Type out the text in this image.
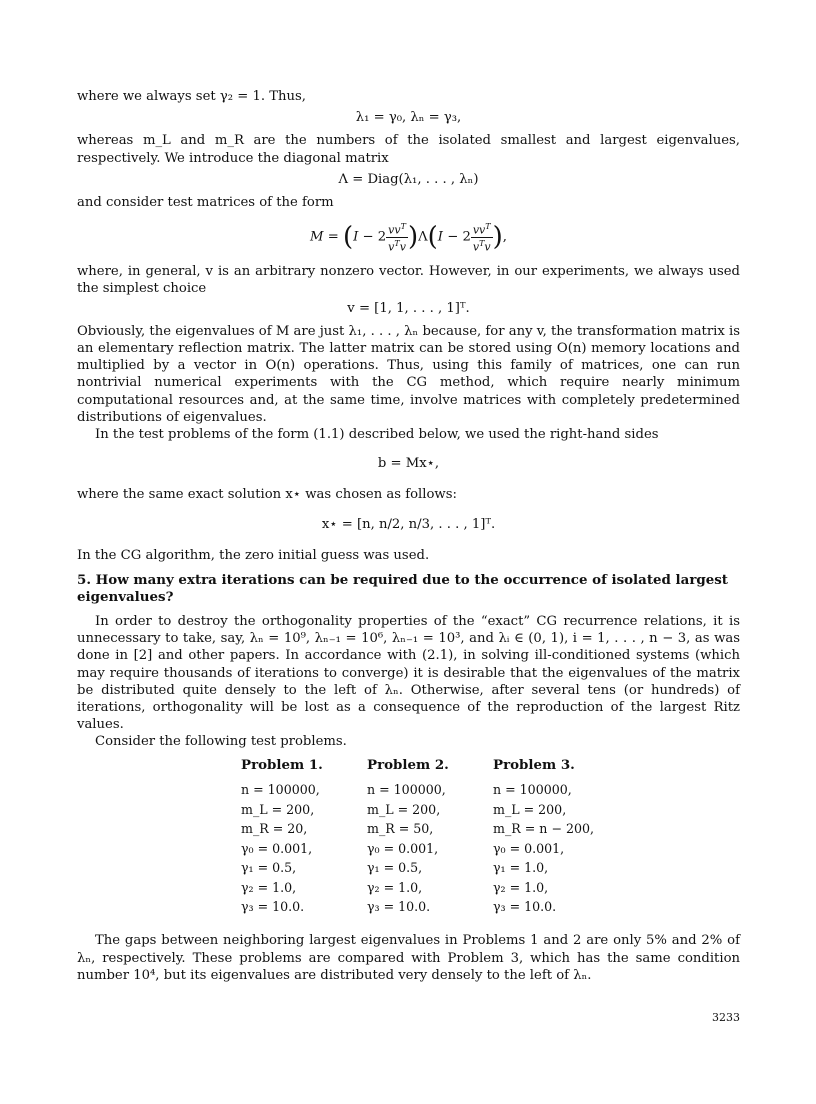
where we always set γ₂ = 1. Thus,

λ₁ = γ₀, λₙ = γ₃,

whereas m_L and m_R are the numbers of the isolated smallest and largest eigenvalues, respectively. We introduce the diagonal matrix

Λ = Diag(λ₁, . . . , λₙ)

and consider test matrices of the form

$M = (I - 2 \frac{vv^T}{v^Tv} )\Lambda(I - 2 \frac{vv^T}{v^Tv}$ ),

where, in general, v is an arbitrary nonzero vector. However, in our experiments, we always used the simplest choice

v = [1, 1, . . . , 1]ᵀ.

Obviously, the eigenvalues of M are just λ₁, . . . , λₙ because, for any v, the transformation matrix is an elementary reflection matrix. The latter matrix can be stored using O(n) memory locations and multiplied by a vector in O(n) operations. Thus, using this family of matrices, one can run nontrivial numerical experiments with the CG method, which require nearly minimum computational resources and, at the same time, involve matrices with completely predetermined distributions of eigenvalues.

In the test problems of the form (1.1) described below, we used the right-hand sides

b = Mx⋆,

where the same exact solution x⋆ was chosen as follows:

x⋆ = [n, n/2, n/3, . . . , 1]ᵀ.

In the CG algorithm, the zero initial guess was used.

5. How many extra iterations can be required due to the occurrence of isolated largest eigenvalues?

In order to destroy the orthogonality properties of the “exact” CG recurrence relations, it is unnecessary to take, say, λₙ = 10⁹, λₙ₋₁ = 10⁶, λₙ₋₁ = 10³, and λᵢ ∈ (0, 1), i = 1, . . . , n − 3, as was done in [2] and other papers. In accordance with (2.1), in solving ill-conditioned systems (which may require thousands of iterations to converge) it is desirable that the eigenvalues of the matrix be distributed quite densely to the left of λₙ. Otherwise, after several tens (or hundreds) of iterations, orthogonality will be lost as a consequence of the reproduction of the largest Ritz values.

Consider the following test problems.

Problem 1.	Problem 2.	Problem 3.
n = 100000,	n = 100000,	n = 100000,
m_L = 200,	m_L = 200,	m_L = 200,
m_R = 20,	m_R = 50,	m_R = n − 200,
γ₀ = 0.001,	γ₀ = 0.001,	γ₀ = 0.001,
γ₁ = 0.5,	γ₁ = 0.5,	γ₁ = 1.0,
γ₂ = 1.0,	γ₂ = 1.0,	γ₂ = 1.0,
γ₃ = 10.0.	γ₃ = 10.0.	γ₃ = 10.0.

The gaps between neighboring largest eigenvalues in Problems 1 and 2 are only 5% and 2% of λₙ, respectively. These problems are compared with Problem 3, which has the same condition number 10⁴, but its eigenvalues are distributed very densely to the left of λₙ.

3233
